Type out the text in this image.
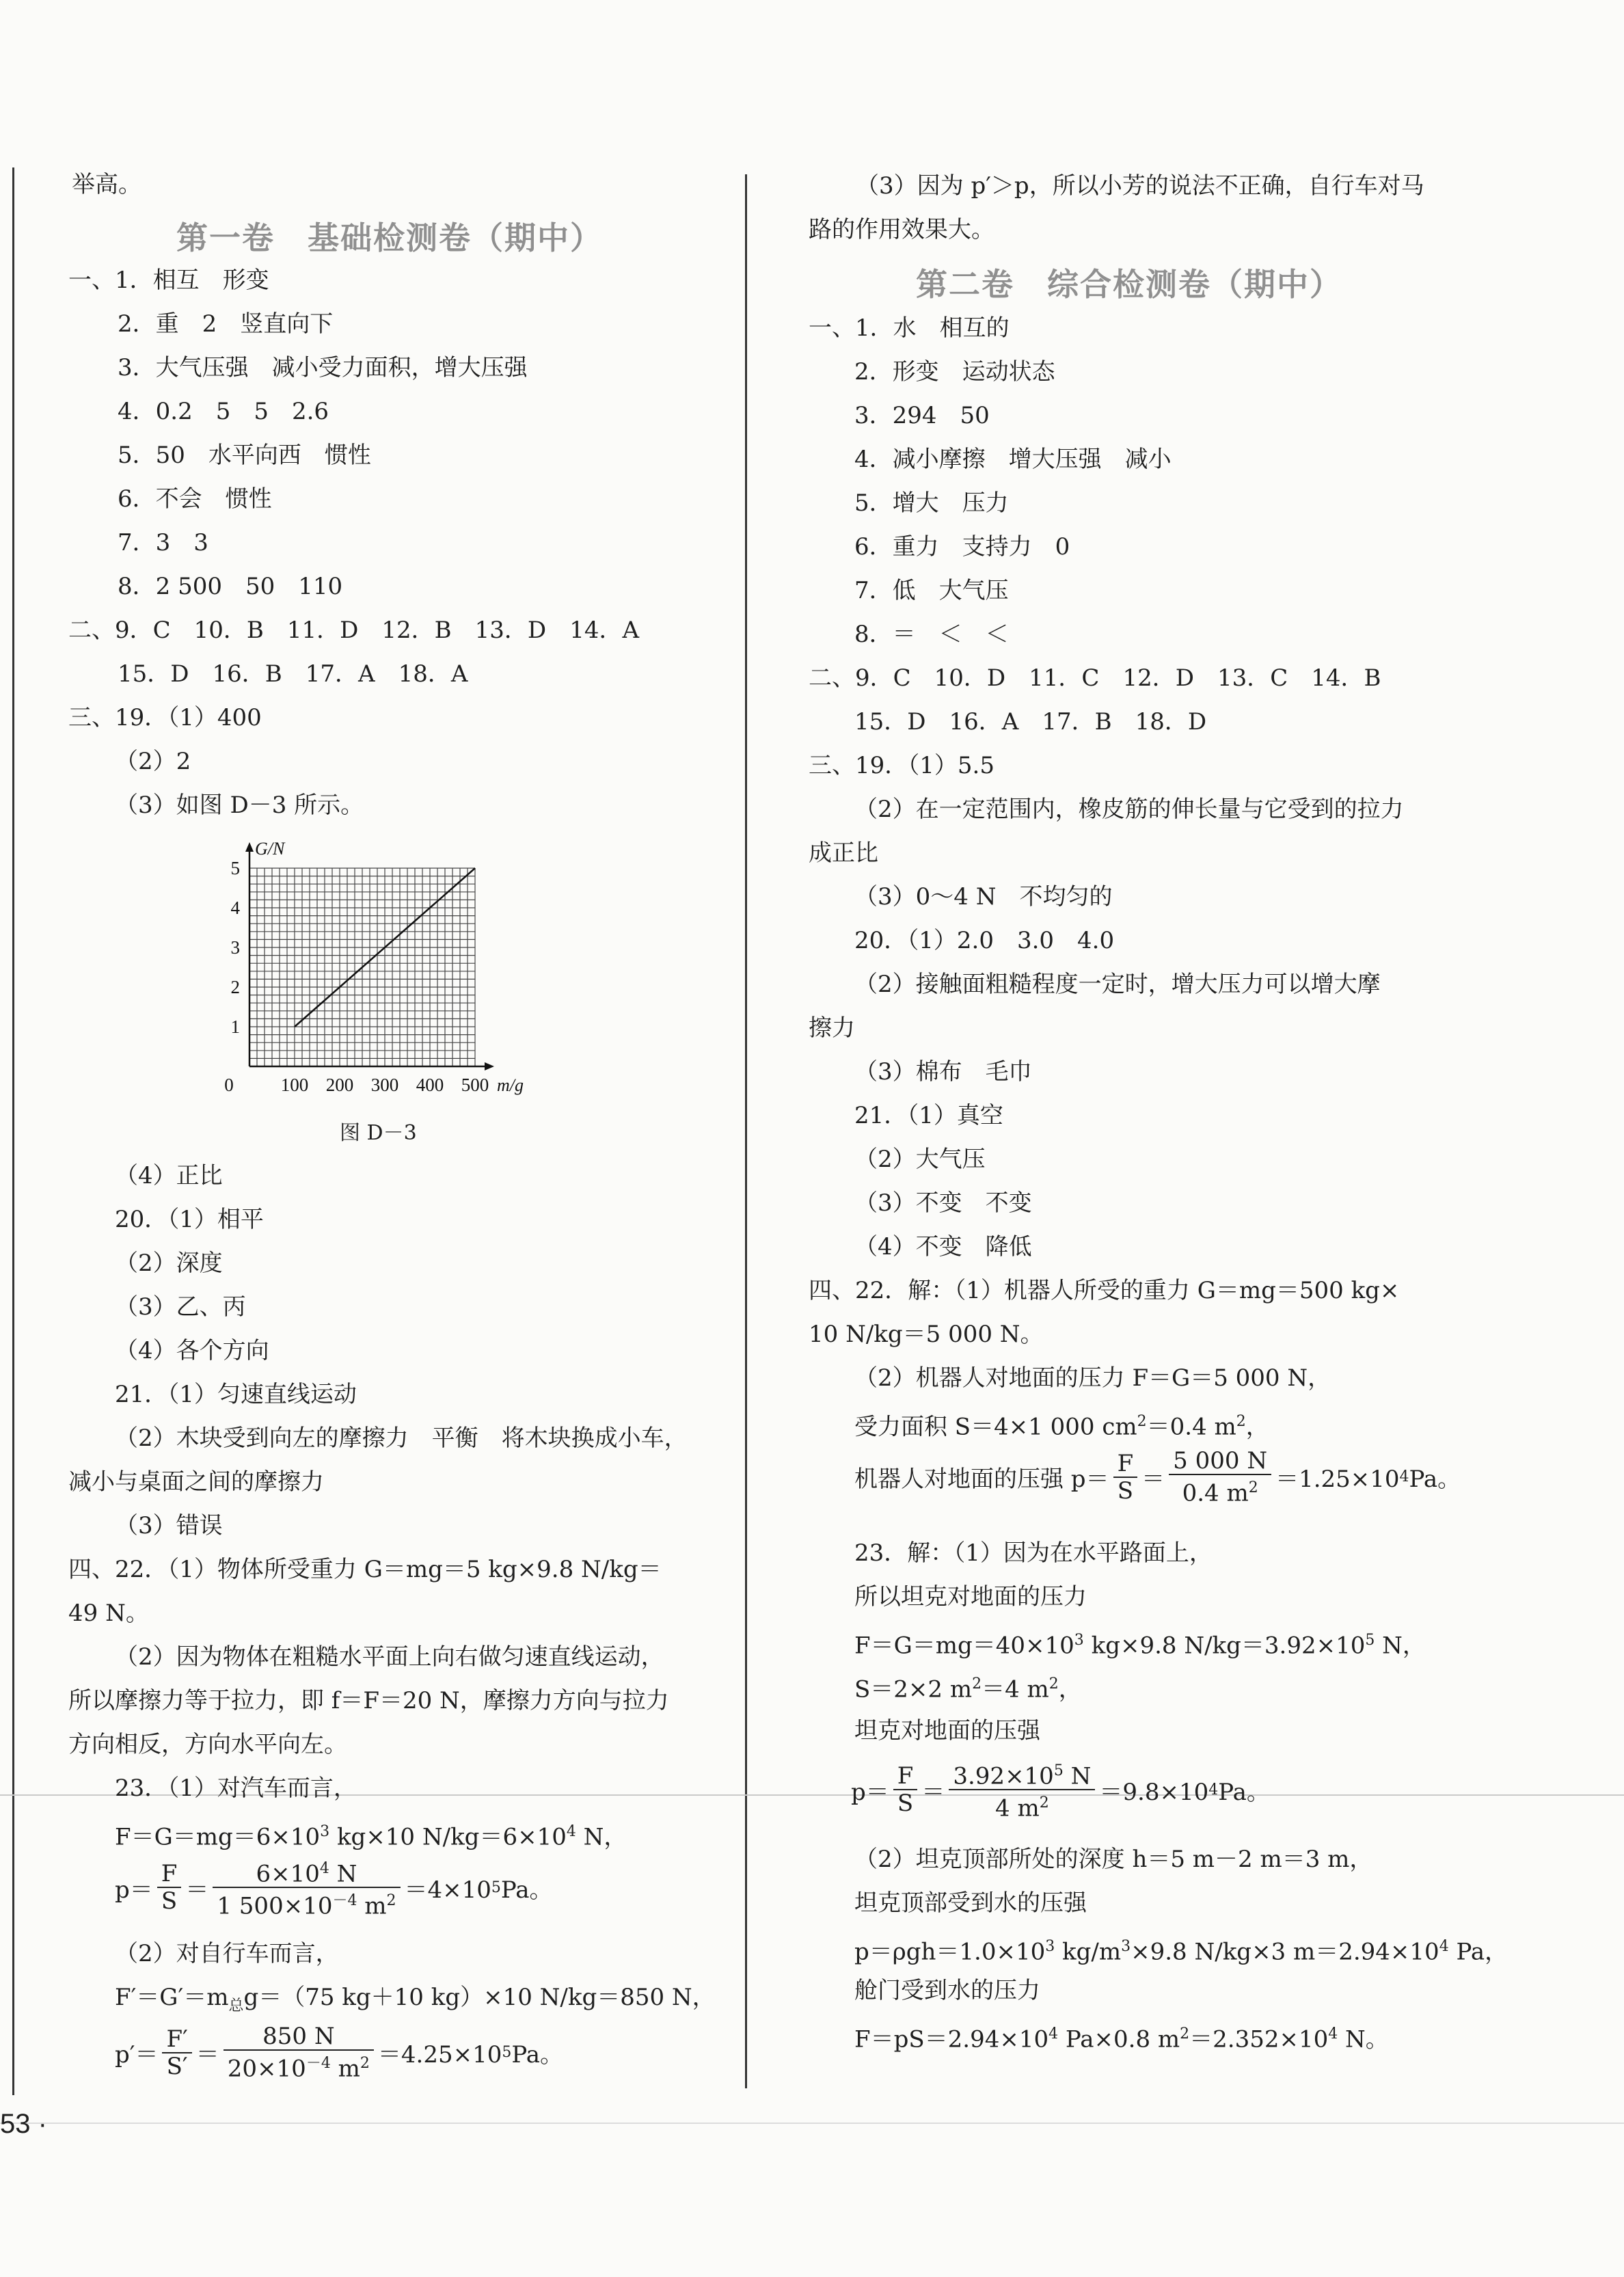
举高。
第一卷　基础检测卷（期中）
一、1．相互　形变
2．重　2　竖直向下
3．大气压强　减小受力面积，增大压强
4．0.2　5　5　2.6
5．50　水平向西　惯性
6．不会　惯性
7．3　3
8．2 500　50　110
二、9．C　10．B　11．D　12．B　13．D　14．A
15．D　16．B　17．A　18．A
三、19．（1）400
（2）2
（3）如图 D－3 所示。
0	100 200 300 400 500
1
2
3
4
5
G/N
m/g
图 D－3
（4）正比
20．（1）相平
（2）深度
（3）乙、丙
（4）各个方向
21．（1）匀速直线运动
（2）木块受到向左的摩擦力　平衡　将木块换成小车，
减小与桌面之间的摩擦力
（3）错误
四、22．（1）物体所受重力 G＝mg＝5 kg×9.8 N/kg＝
49 N。
（2）因为物体在粗糙水平面上向右做匀速直线运动，
所以摩擦力等于拉力，即 f＝F＝20 N，摩擦力方向与拉力
方向相反，方向水平向左。
23．（1）对汽车而言，
$F=G=mg=6\times 10^3$ kg×10 $N/kg=6\times 10^4$ N，
$p= \frac{F}{S} = \frac{6\times 10^4 N}{1 500\times 10^{-4} m^2} =4\times 10$ 5 Pa。
（2）对自行车而言，
$F'=G'=m_总g=(75$ kg＋10 kg）×10 N/kg＝850 N，
$p'= \frac{F'}{S'} = \frac{850 N}{20\times 10^{-4} m^2} =4.25\times 10$ 5 Pa。
（3）因为 p′＞p，所以小芳的说法不正确，自行车对马
路的作用效果大。
第二卷　综合检测卷（期中）
一、1．水　相互的
2．形变　运动状态
3．294　50
4．减小摩擦　增大压强　减小
5．增大　压力
6．重力　支持力　0
7．低　大气压
8．＝　＜　＜
二、9．C　10．D　11．C　12．D　13．C　14．B
15．D　16．A　17．B　18．D
三、19．（1）5.5
（2）在一定范围内，橡皮筋的伸长量与它受到的拉力
成正比
（3）0～4 N　不均匀的
20．（1）2.0　3.0　4.0
（2）接触面粗糙程度一定时，增大压力可以增大摩
擦力
（3）棉布　毛巾
21．（1）真空
（2）大气压
（3）不变　不变
（4）不变　降低
四、22．解：（1）机器人所受的重力 G＝mg＝500 kg×
10 N/kg＝5 000 N。
（2）机器人对地面的压力 F＝G＝5 000 N，
受力面积 S＝4×1 000 $cm^2=0.4$ $m^2$，
机器人对地面的压强 $p= \frac{F}{S} = \frac{5 000 N}{0.4 m^2} =1.25\times 10$ 4 Pa。
23．解：（1）因为在水平路面上，
所以坦克对地面的压力
$F=G=mg=40\times 10^3$ kg×9.8 $N/kg=3.92\times 10^5$ N，
S＝2×2 $m^2=4$ $m^2$，
坦克对地面的压强
$p= \frac{F}{S} = \frac{3.92\times 10^5 N}{4 m^2} =9.8\times 10$ 4 Pa。
（2）坦克顶部所处的深度 h＝5 m－2 m＝3 m，
坦克顶部受到水的压强
$p=\rho gh=1.0\times 10^3$ $kg/m^3\times 9.8$ N/kg×3 $m=2.94\times 10^4$ Pa，
舱门受到水的压力
$F=pS=2.94\times 10^4$ Pa×0.8 $m^2=2.352\times 10^4$ N。
53 ·
